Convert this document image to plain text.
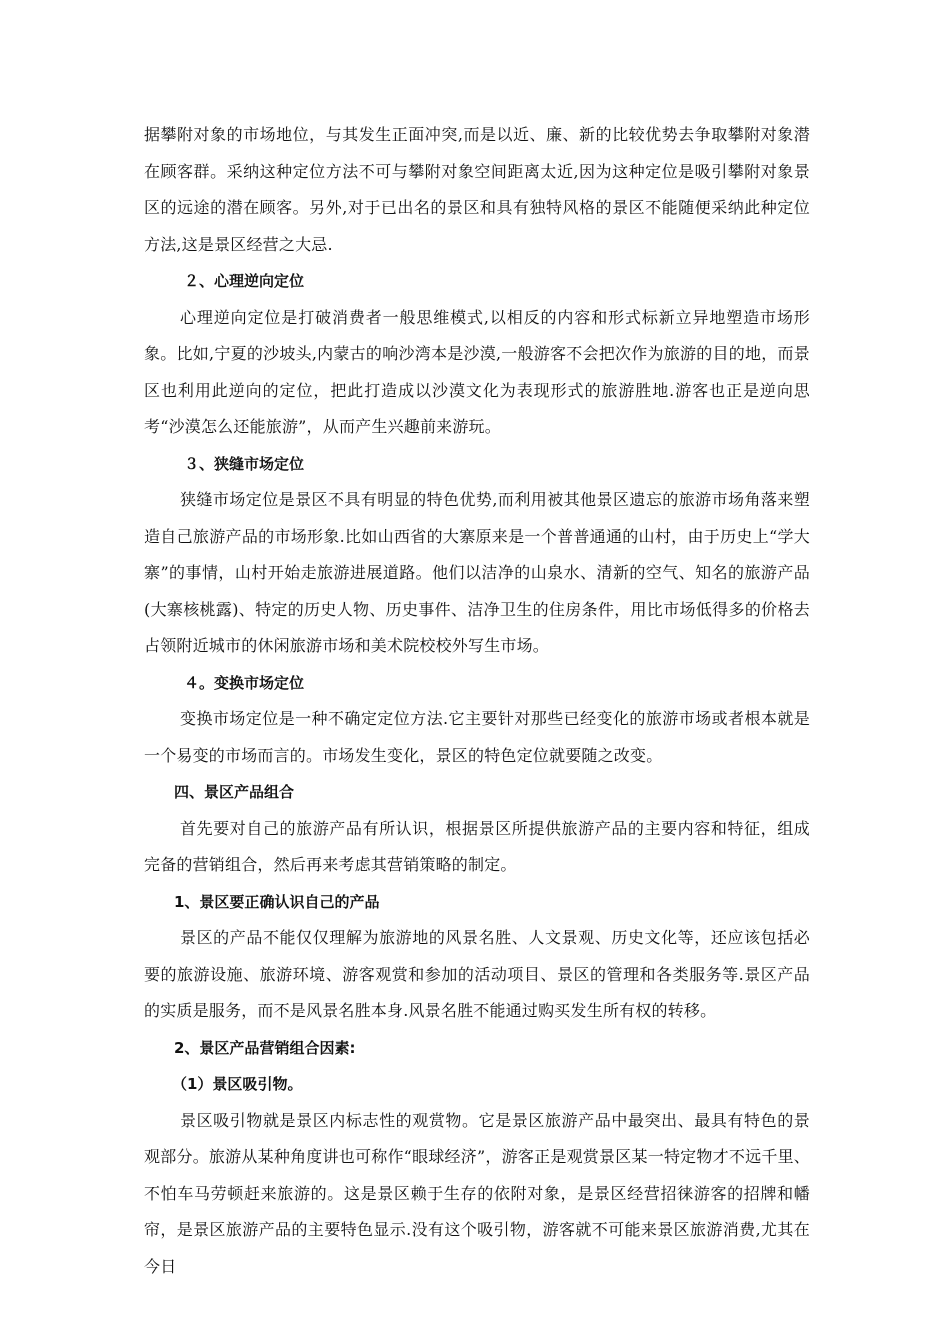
据攀附对象的市场地位，与其发生正面冲突,而是以近、廉、新的比较优势去争取攀附对象潜在顾客群。采纳这种定位方法不可与攀附对象空间距离太近,因为这种定位是吸引攀附对象景区的远途的潜在顾客。另外,对于已出名的景区和具有独特风格的景区不能随便采纳此种定位方法,这是景区经营之大忌.

２、心理逆向定位

心理逆向定位是打破消费者一般思维模式,以相反的内容和形式标新立异地塑造市场形象。比如,宁夏的沙坡头,内蒙古的响沙湾本是沙漠,一般游客不会把次作为旅游的目的地，而景区也利用此逆向的定位，把此打造成以沙漠文化为表现形式的旅游胜地.游客也正是逆向思考“沙漠怎么还能旅游”，从而产生兴趣前来游玩。

３、狭缝市场定位

狭缝市场定位是景区不具有明显的特色优势,而利用被其他景区遗忘的旅游市场角落来塑造自己旅游产品的市场形象.比如山西省的大寨原来是一个普普通通的山村，由于历史上“学大寨”的事情，山村开始走旅游进展道路。他们以洁净的山泉水、清新的空气、知名的旅游产品(大寨核桃露)、特定的历史人物、历史事件、洁净卫生的住房条件，用比市场低得多的价格去占领附近城市的休闲旅游市场和美术院校校外写生市场。

４。变换市场定位

变换市场定位是一种不确定定位方法.它主要针对那些已经变化的旅游市场或者根本就是一个易变的市场而言的。市场发生变化，景区的特色定位就要随之改变。

四、景区产品组合

首先要对自己的旅游产品有所认识，根据景区所提供旅游产品的主要内容和特征，组成完备的营销组合，然后再来考虑其营销策略的制定。

1、景区要正确认识自己的产品

景区的产品不能仅仅理解为旅游地的风景名胜、人文景观、历史文化等，还应该包括必要的旅游设施、旅游环境、游客观赏和参加的活动项目、景区的管理和各类服务等.景区产品的实质是服务，而不是风景名胜本身.风景名胜不能通过购买发生所有权的转移。

2、景区产品营销组合因素:

（1）景区吸引物。

景区吸引物就是景区内标志性的观赏物。它是景区旅游产品中最突出、最具有特色的景观部分。旅游从某种角度讲也可称作“眼球经济”，游客正是观赏景区某一特定物才不远千里、不怕车马劳顿赶来旅游的。这是景区赖于生存的依附对象，是景区经营招徕游客的招牌和幡帘，是景区旅游产品的主要特色显示.没有这个吸引物，游客就不可能来景区旅游消费,尤其在今日
